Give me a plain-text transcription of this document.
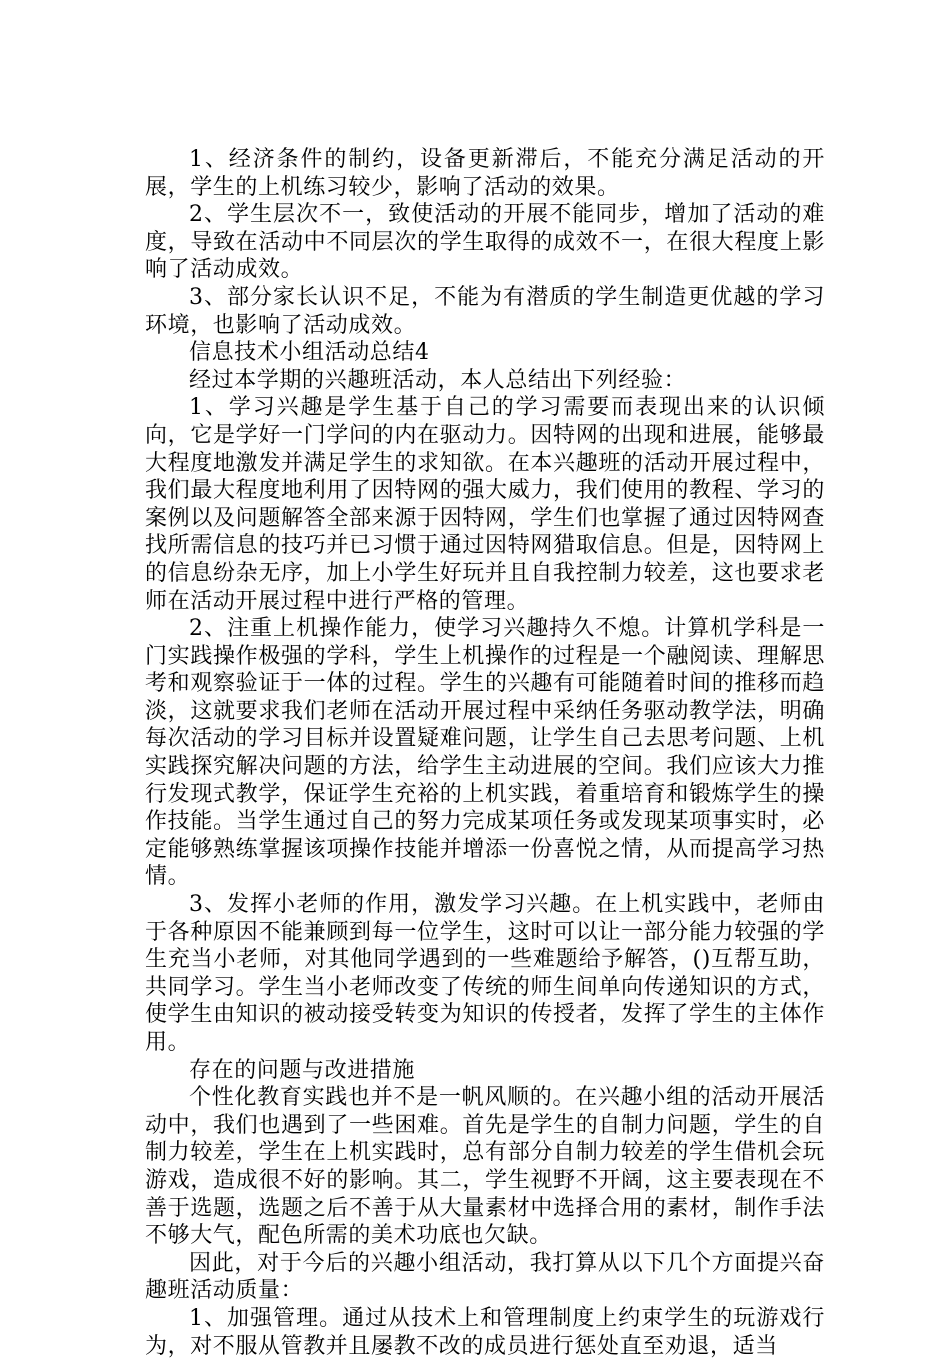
1、经济条件的制约，设备更新滞后，不能充分满足活动的开展，学生的上机练习较少，影响了活动的效果。

2、学生层次不一，致使活动的开展不能同步，增加了活动的难度，导致在活动中不同层次的学生取得的成效不一，在很大程度上影响了活动成效。

3、部分家长认识不足，不能为有潜质的学生制造更优越的学习环境，也影响了活动成效。

信息技术小组活动总结4

经过本学期的兴趣班活动，本人总结出下列经验：

1、学习兴趣是学生基于自己的学习需要而表现出来的认识倾向，它是学好一门学问的内在驱动力。因特网的出现和进展，能够最大程度地激发并满足学生的求知欲。在本兴趣班的活动开展过程中，我们最大程度地利用了因特网的强大威力，我们使用的教程、学习的案例以及问题解答全部来源于因特网，学生们也掌握了通过因特网查找所需信息的技巧并已习惯于通过因特网猎取信息。但是，因特网上的信息纷杂无序，加上小学生好玩并且自我控制力较差，这也要求老师在活动开展过程中进行严格的管理。

2、注重上机操作能力，使学习兴趣持久不熄。计算机学科是一门实践操作极强的学科，学生上机操作的过程是一个融阅读、理解思考和观察验证于一体的过程。学生的兴趣有可能随着时间的推移而趋淡，这就要求我们老师在活动开展过程中采纳任务驱动教学法，明确每次活动的学习目标并设置疑难问题，让学生自己去思考问题、上机实践探究解决问题的方法，给学生主动进展的空间。我们应该大力推行发现式教学，保证学生充裕的上机实践，着重培育和锻炼学生的操作技能。当学生通过自己的努力完成某项任务或发现某项事实时，必定能够熟练掌握该项操作技能并增添一份喜悦之情，从而提高学习热情。

3、发挥小老师的作用，激发学习兴趣。在上机实践中，老师由于各种原因不能兼顾到每一位学生，这时可以让一部分能力较强的学生充当小老师，对其他同学遇到的一些难题给予解答，()互帮互助，共同学习。学生当小老师改变了传统的师生间单向传递知识的方式，使学生由知识的被动接受转变为知识的传授者，发挥了学生的主体作用。

存在的问题与改进措施

个性化教育实践也并不是一帆风顺的。在兴趣小组的活动开展活动中，我们也遇到了一些困难。首先是学生的自制力问题，学生的自制力较差，学生在上机实践时，总有部分自制力较差的学生借机会玩游戏，造成很不好的影响。其二，学生视野不开阔，这主要表现在不善于选题，选题之后不善于从大量素材中选择合用的素材，制作手法不够大气，配色所需的美术功底也欠缺。

因此，对于今后的兴趣小组活动，我打算从以下几个方面提兴奋趣班活动质量：

1、加强管理。通过从技术上和管理制度上约束学生的玩游戏行为，对不服从管教并且屡教不改的成员进行惩处直至劝退，适当
